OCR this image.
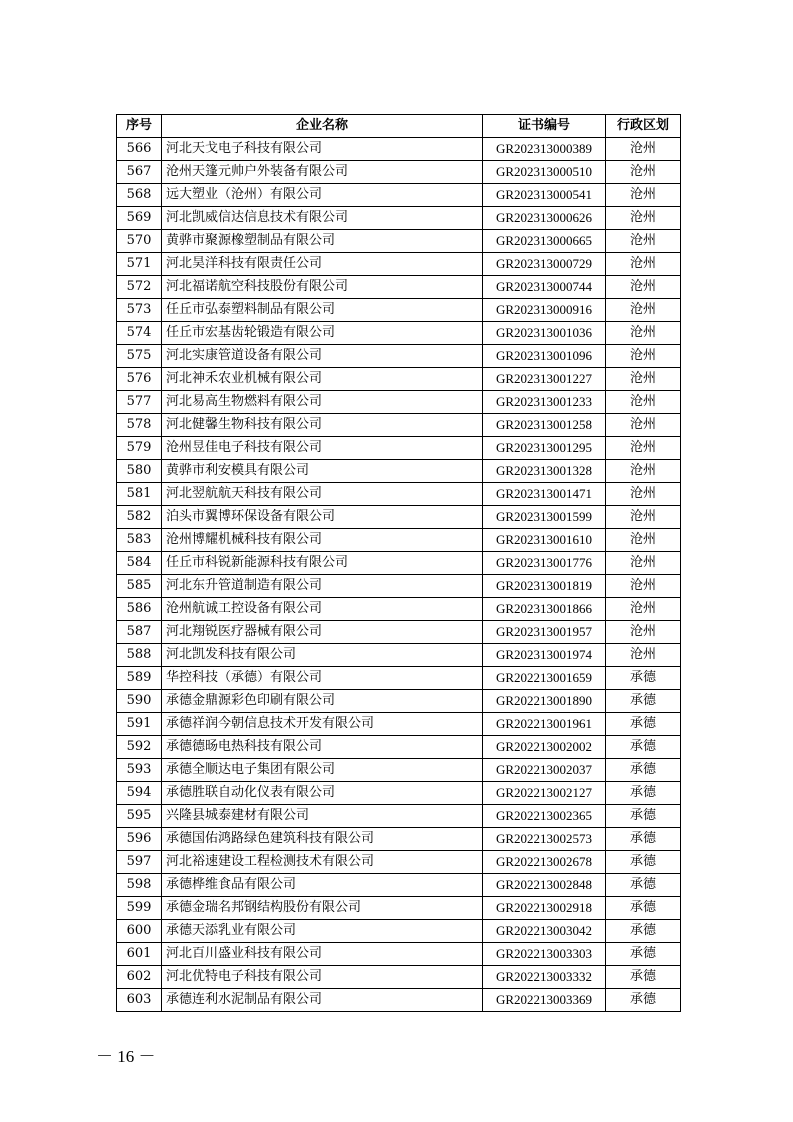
序号	企业名称	证书编号	行政区划
566	河北天戈电子科技有限公司	GR202313000389	沧州
567	沧州天篷元帅户外装备有限公司	GR202313000510	沧州
568	远大塑业（沧州）有限公司	GR202313000541	沧州
569	河北凯威信达信息技术有限公司	GR202313000626	沧州
570	黄骅市聚源橡塑制品有限公司	GR202313000665	沧州
571	河北昊洋科技有限责任公司	GR202313000729	沧州
572	河北福诺航空科技股份有限公司	GR202313000744	沧州
573	任丘市弘泰塑料制品有限公司	GR202313000916	沧州
574	任丘市宏基齿轮锻造有限公司	GR202313001036	沧州
575	河北实康管道设备有限公司	GR202313001096	沧州
576	河北神禾农业机械有限公司	GR202313001227	沧州
577	河北易高生物燃料有限公司	GR202313001233	沧州
578	河北健馨生物科技有限公司	GR202313001258	沧州
579	沧州昱佳电子科技有限公司	GR202313001295	沧州
580	黄骅市利安模具有限公司	GR202313001328	沧州
581	河北翌航航天科技有限公司	GR202313001471	沧州
582	泊头市翼博环保设备有限公司	GR202313001599	沧州
583	沧州博耀机械科技有限公司	GR202313001610	沧州
584	任丘市科锐新能源科技有限公司	GR202313001776	沧州
585	河北东升管道制造有限公司	GR202313001819	沧州
586	沧州航诚工控设备有限公司	GR202313001866	沧州
587	河北翔锐医疗器械有限公司	GR202313001957	沧州
588	河北凯发科技有限公司	GR202313001974	沧州
589	华控科技（承德）有限公司	GR202213001659	承德
590	承德金鼎源彩色印刷有限公司	GR202213001890	承德
591	承德祥润今朝信息技术开发有限公司	GR202213001961	承德
592	承德德旸电热科技有限公司	GR202213002002	承德
593	承德全顺达电子集团有限公司	GR202213002037	承德
594	承德胜联自动化仪表有限公司	GR202213002127	承德
595	兴隆县城泰建材有限公司	GR202213002365	承德
596	承德国佑鸿路绿色建筑科技有限公司	GR202213002573	承德
597	河北裕速建设工程检测技术有限公司	GR202213002678	承德
598	承德桦维食品有限公司	GR202213002848	承德
599	承德金瑞名邦钢结构股份有限公司	GR202213002918	承德
600	承德天添乳业有限公司	GR202213003042	承德
601	河北百川盛业科技有限公司	GR202213003303	承德
602	河北优特电子科技有限公司	GR202213003332	承德
603	承德连利水泥制品有限公司	GR202213003369	承德
－ 16 －
